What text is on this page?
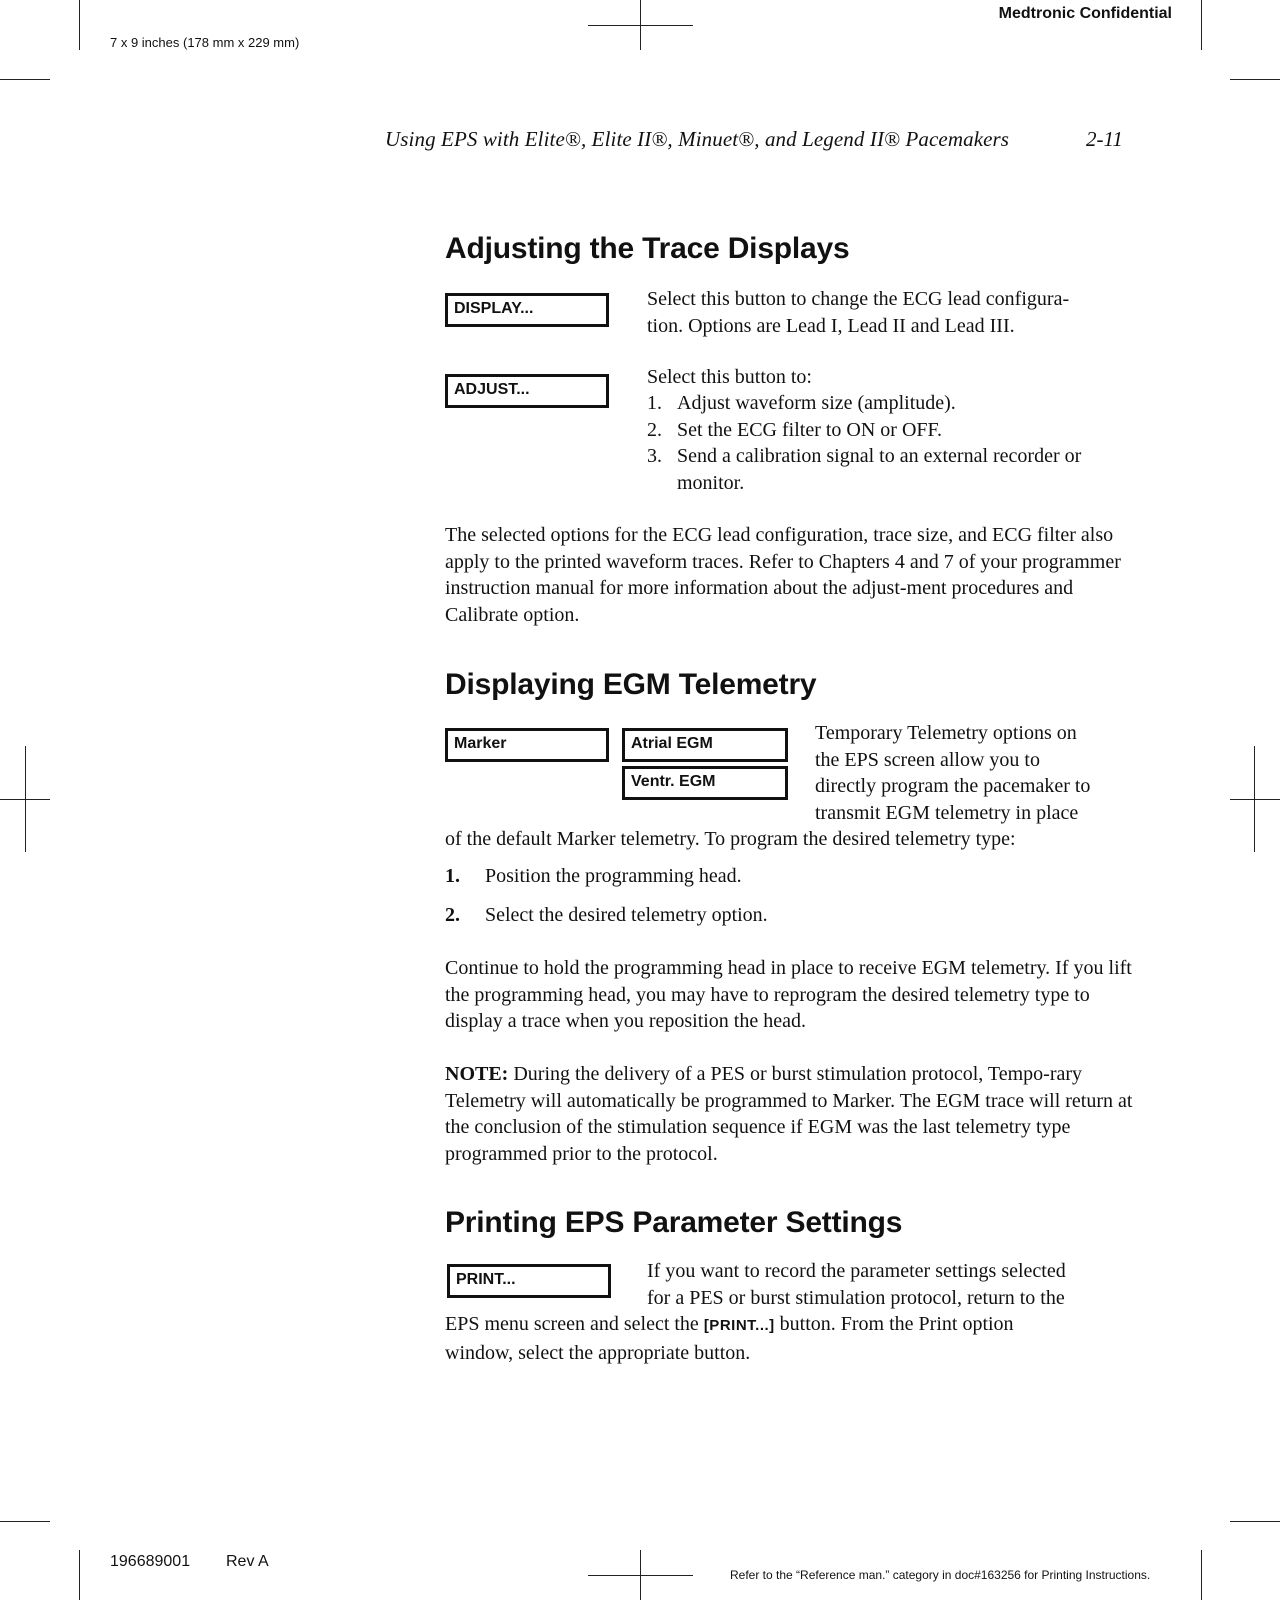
Medtronic Confidential
7 x 9 inches (178 mm x 229 mm)
Using EPS with Elite®, Elite II®, Minuet®, and Legend II® Pacemakers	2-11
Adjusting the Trace Displays
DISPLAY...	Select this button to change the ECG lead configura-
tion. Options are Lead I, Lead II and Lead III.
ADJUST...
Select this button to:
1. Adjust waveform size (amplitude).
2. Set the ECG filter to ON or OFF.
3. Send a calibration signal to an external recorder or monitor.
The selected options for the ECG lead configuration, trace size, and ECG filter also apply to the printed waveform traces. Refer to Chapters 4 and 7 of your programmer instruction manual for more information about the adjust-ment procedures and Calibrate option.
Displaying EGM Telemetry
Marker	Atrial EGM
Ventr. EGM
Temporary Telemetry options on
the EPS screen allow you to
directly program the pacemaker to
transmit EGM telemetry in place
of the default Marker telemetry. To program the desired telemetry type:
1. Position the programming head.
2. Select the desired telemetry option.
Continue to hold the programming head in place to receive EGM telemetry. If you lift the programming head, you may have to reprogram the desired telemetry type to display a trace when you reposition the head.
NOTE: During the delivery of a PES or burst stimulation protocol, Tempo-rary Telemetry will automatically be programmed to Marker. The EGM trace will return at the conclusion of the stimulation sequence if EGM was the last telemetry type programmed prior to the protocol.
Printing EPS Parameter Settings
PRINT...	If you want to record the parameter settings selected
for a PES or burst stimulation protocol, return to the
EPS menu screen and select the [PRINT...] button. From the Print option
window, select the appropriate button.
196689001 Rev A
Refer to the “Reference man.” category in doc#163256 for Printing Instructions.
